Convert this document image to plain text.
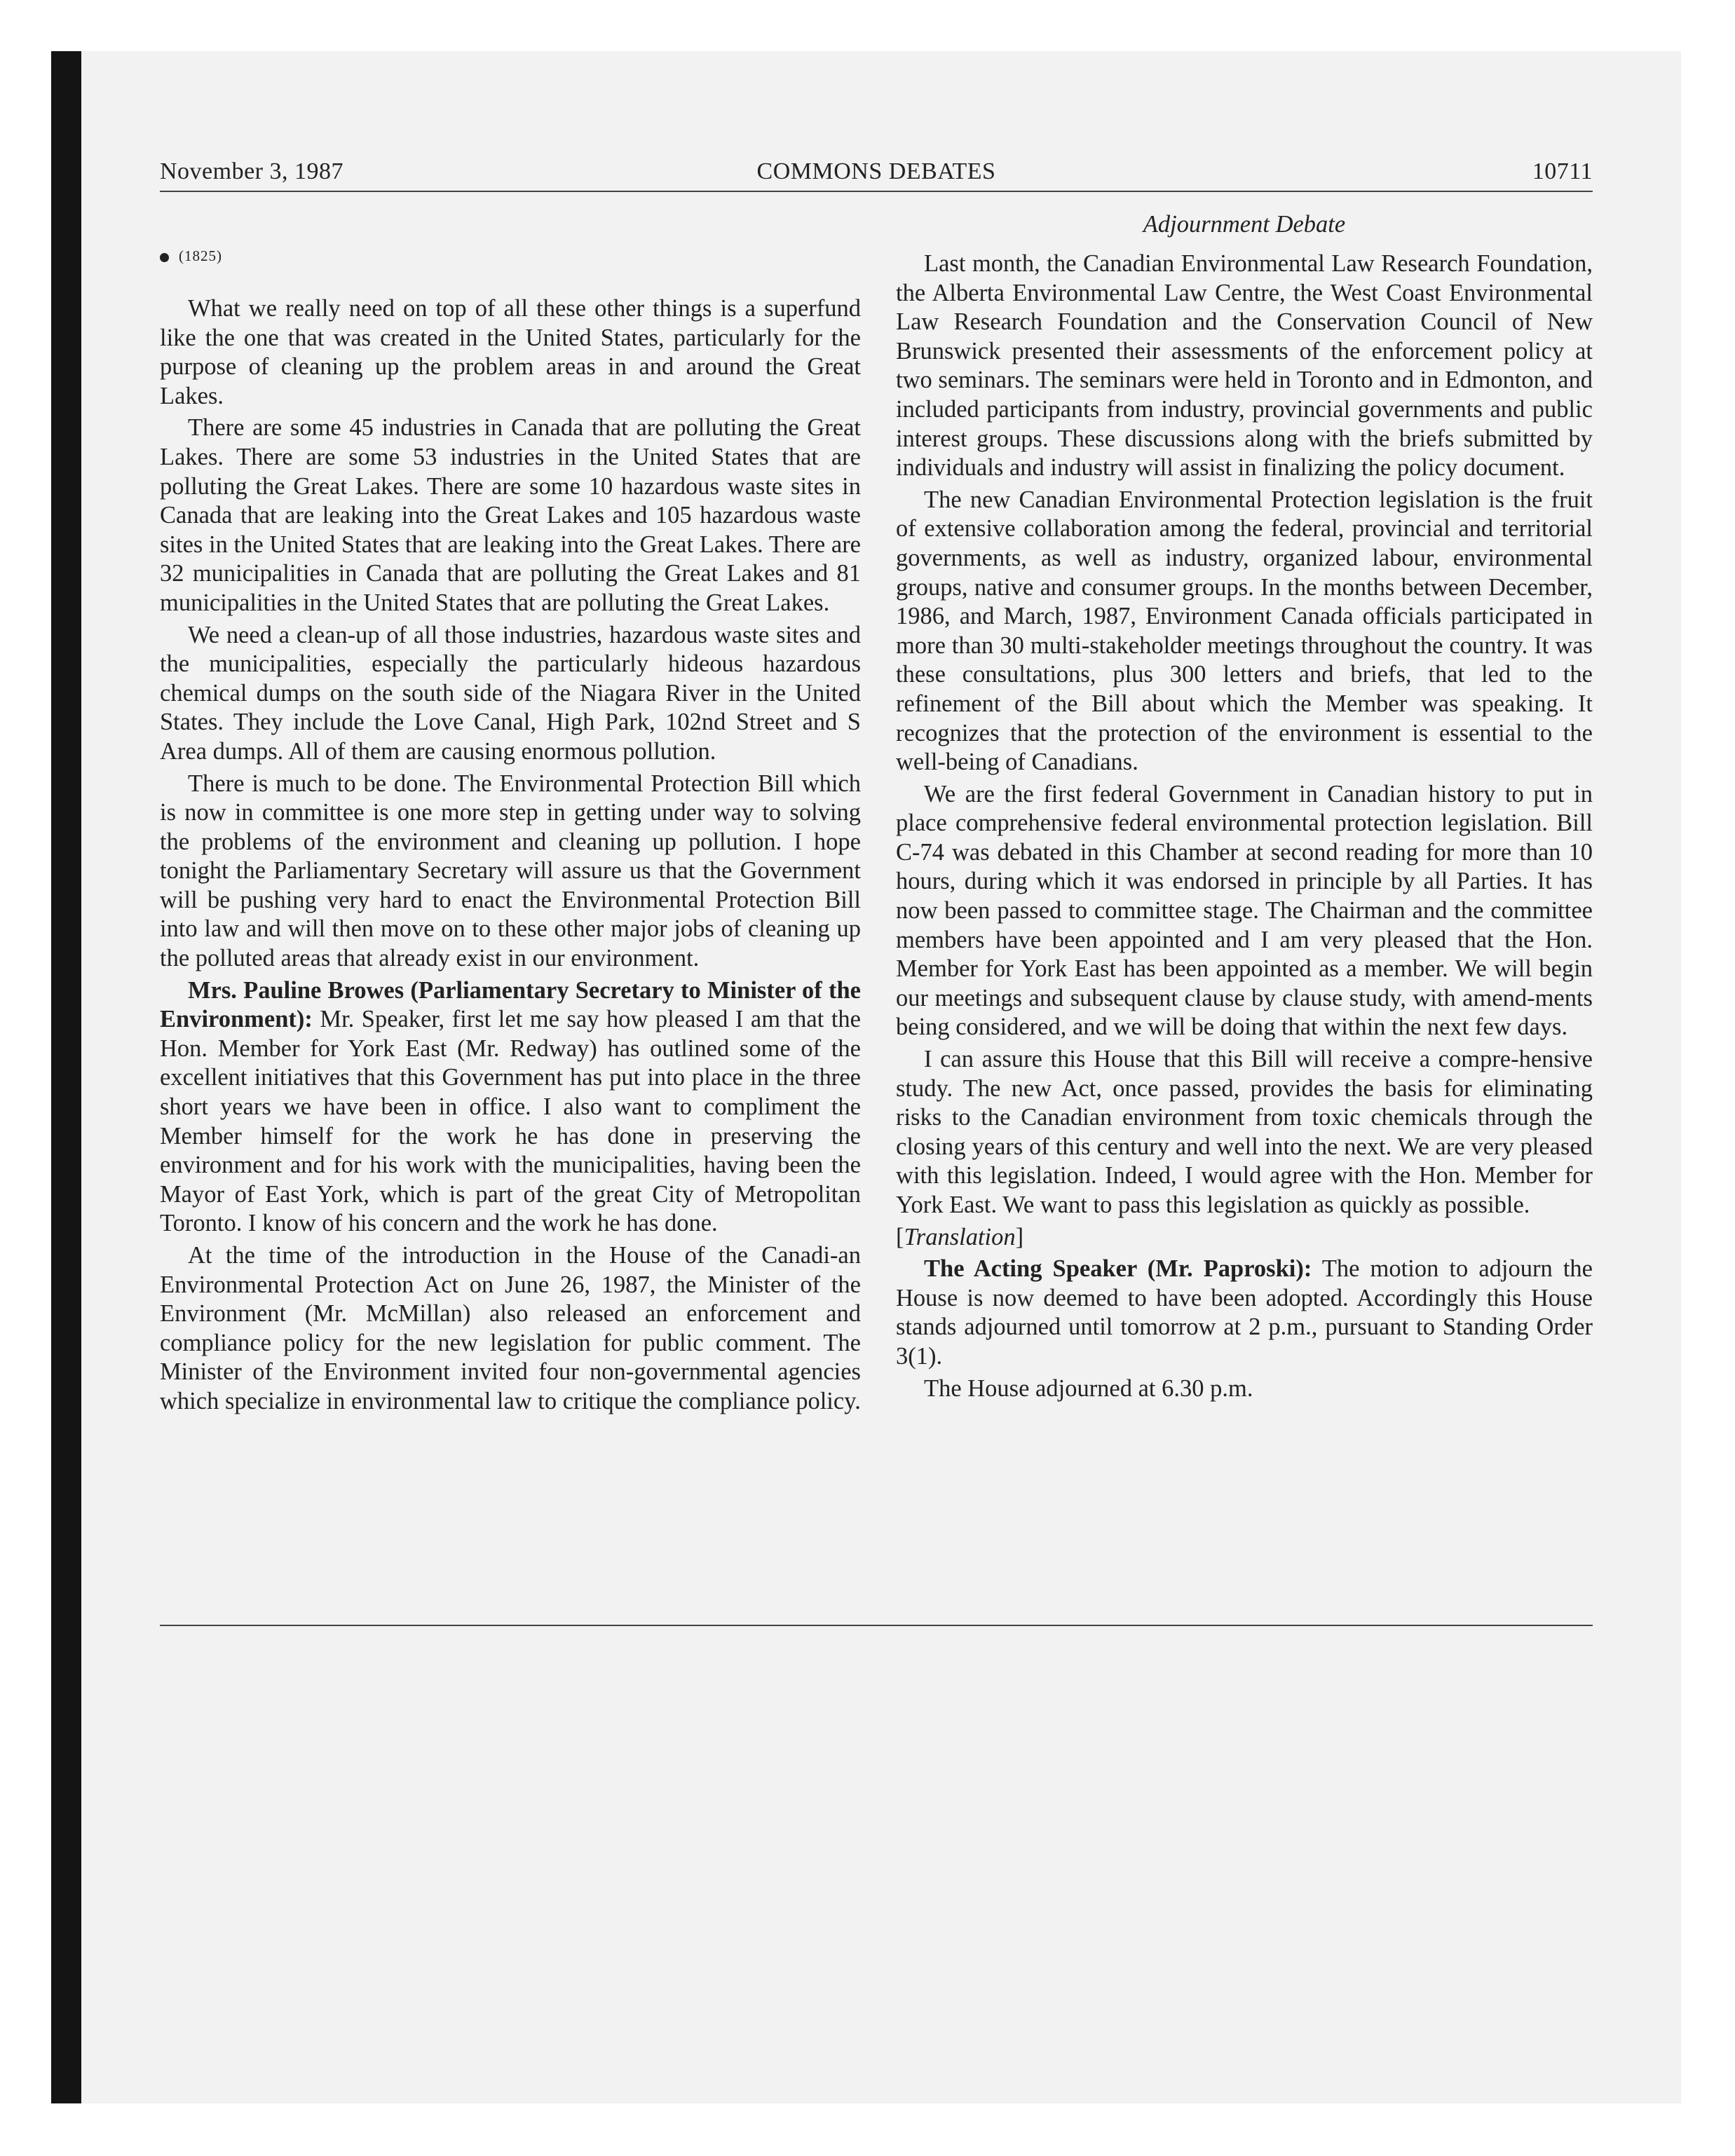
November 3, 1987	COMMONS DEBATES	10711
Adjournment Debate
(1825)

What we really need on top of all these other things is a superfund like the one that was created in the United States, particularly for the purpose of cleaning up the problem areas in and around the Great Lakes.

There are some 45 industries in Canada that are polluting the Great Lakes. There are some 53 industries in the United States that are polluting the Great Lakes. There are some 10 hazardous waste sites in Canada that are leaking into the Great Lakes and 105 hazardous waste sites in the United States that are leaking into the Great Lakes. There are 32 municipalities in Canada that are polluting the Great Lakes and 81 municipalities in the United States that are polluting the Great Lakes.

We need a clean-up of all those industries, hazardous waste sites and the municipalities, especially the particularly hideous hazardous chemical dumps on the south side of the Niagara River in the United States. They include the Love Canal, High Park, 102nd Street and S Area dumps. All of them are causing enormous pollution.

There is much to be done. The Environmental Protection Bill which is now in committee is one more step in getting under way to solving the problems of the environment and cleaning up pollution. I hope tonight the Parliamentary Secretary will assure us that the Government will be pushing very hard to enact the Environmental Protection Bill into law and will then move on to these other major jobs of cleaning up the polluted areas that already exist in our environment.

Mrs. Pauline Browes (Parliamentary Secretary to Minister of the Environment): Mr. Speaker, first let me say how pleased I am that the Hon. Member for York East (Mr. Redway) has outlined some of the excellent initiatives that this Government has put into place in the three short years we have been in office. I also want to compliment the Member himself for the work he has done in preserving the environment and for his work with the municipalities, having been the Mayor of East York, which is part of the great City of Metropolitan Toronto. I know of his concern and the work he has done.

At the time of the introduction in the House of the Canadi-an Environmental Protection Act on June 26, 1987, the Minister of the Environment (Mr. McMillan) also released an enforcement and compliance policy for the new legislation for public comment. The Minister of the Environment invited four non-governmental agencies which specialize in environmental law to critique the compliance policy.

Last month, the Canadian Environmental Law Research Foundation, the Alberta Environmental Law Centre, the West Coast Environmental Law Research Foundation and the Conservation Council of New Brunswick presented their assessments of the enforcement policy at two seminars. The seminars were held in Toronto and in Edmonton, and included participants from industry, provincial governments and public interest groups. These discussions along with the briefs submitted by individuals and industry will assist in finalizing the policy document.

The new Canadian Environmental Protection legislation is the fruit of extensive collaboration among the federal, provincial and territorial governments, as well as industry, organized labour, environmental groups, native and consumer groups. In the months between December, 1986, and March, 1987, Environment Canada officials participated in more than 30 multi-stakeholder meetings throughout the country. It was these consultations, plus 300 letters and briefs, that led to the refinement of the Bill about which the Member was speaking. It recognizes that the protection of the environment is essential to the well-being of Canadians.

We are the first federal Government in Canadian history to put in place comprehensive federal environmental protection legislation. Bill C-74 was debated in this Chamber at second reading for more than 10 hours, during which it was endorsed in principle by all Parties. It has now been passed to committee stage. The Chairman and the committee members have been appointed and I am very pleased that the Hon. Member for York East has been appointed as a member. We will begin our meetings and subsequent clause by clause study, with amend-ments being considered, and we will be doing that within the next few days.

I can assure this House that this Bill will receive a compre-hensive study. The new Act, once passed, provides the basis for eliminating risks to the Canadian environment from toxic chemicals through the closing years of this century and well into the next. We are very pleased with this legislation. Indeed, I would agree with the Hon. Member for York East. We want to pass this legislation as quickly as possible.

[Translation]

The Acting Speaker (Mr. Paproski): The motion to adjourn the House is now deemed to have been adopted. Accordingly this House stands adjourned until tomorrow at 2 p.m., pursuant to Standing Order 3(1).

The House adjourned at 6.30 p.m.
